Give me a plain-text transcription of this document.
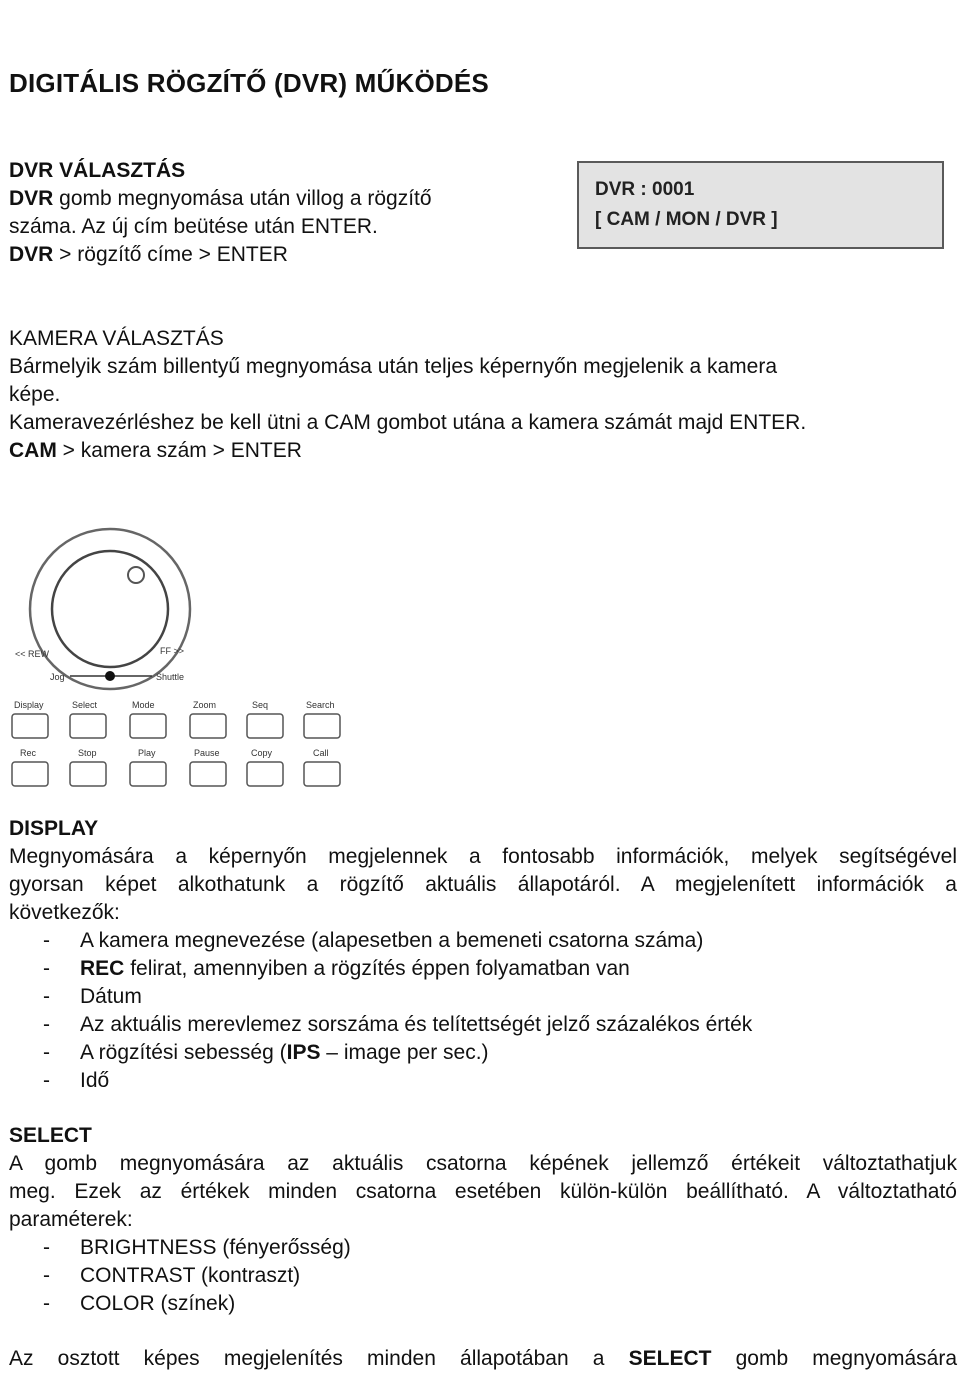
DIGITÁLIS RÖGZÍTŐ (DVR) MŰKÖDÉS
DVR VÁLASZTÁS
DVR gomb megnyomása után villog a rögzítő
száma. Az új cím beütése után ENTER.
DVR > rögzítő címe > ENTER
DVR : 0001
[ CAM / MON / DVR ]
KAMERA VÁLASZTÁS
Bármelyik szám billentyű megnyomása után teljes képernyőn megjelenik a kamera
képe.
Kameravezérléshez be kell ütni a CAM gombot utána a kamera számát majd ENTER.
CAM > kamera szám > ENTER
<< REW	FF >>
Jog	Shuttle
Display	Select	Mode	Zoom	Seq	Search
Rec	Stop	Play	Pause	Copy	Call
DISPLAY
Megnyomására a képernyőn megjelennek a fontosabb információk, melyek segítségével
gyorsan képet alkothatunk a rögzítő aktuális állapotáról. A megjelenített információk a
következők:
- A kamera megnevezése (alapesetben a bemeneti csatorna száma)
- REC felirat, amennyiben a rögzítés éppen folyamatban van
- Dátum
- Az aktuális merevlemez sorszáma és telítettségét jelző százalékos érték
- A rögzítési sebesség (IPS – image per sec.)
- Idő
SELECT
A gomb megnyomására az aktuális csatorna képének jellemző értékeit változtathatjuk
meg. Ezek az értékek minden csatorna esetében külön-külön beállítható. A változtatható
paraméterek:
- BRIGHTNESS (fényerősség)
- CONTRAST (kontraszt)
- COLOR (színek)
Az osztott képes megjelenítés minden állapotában a SELECT gomb megnyomására
